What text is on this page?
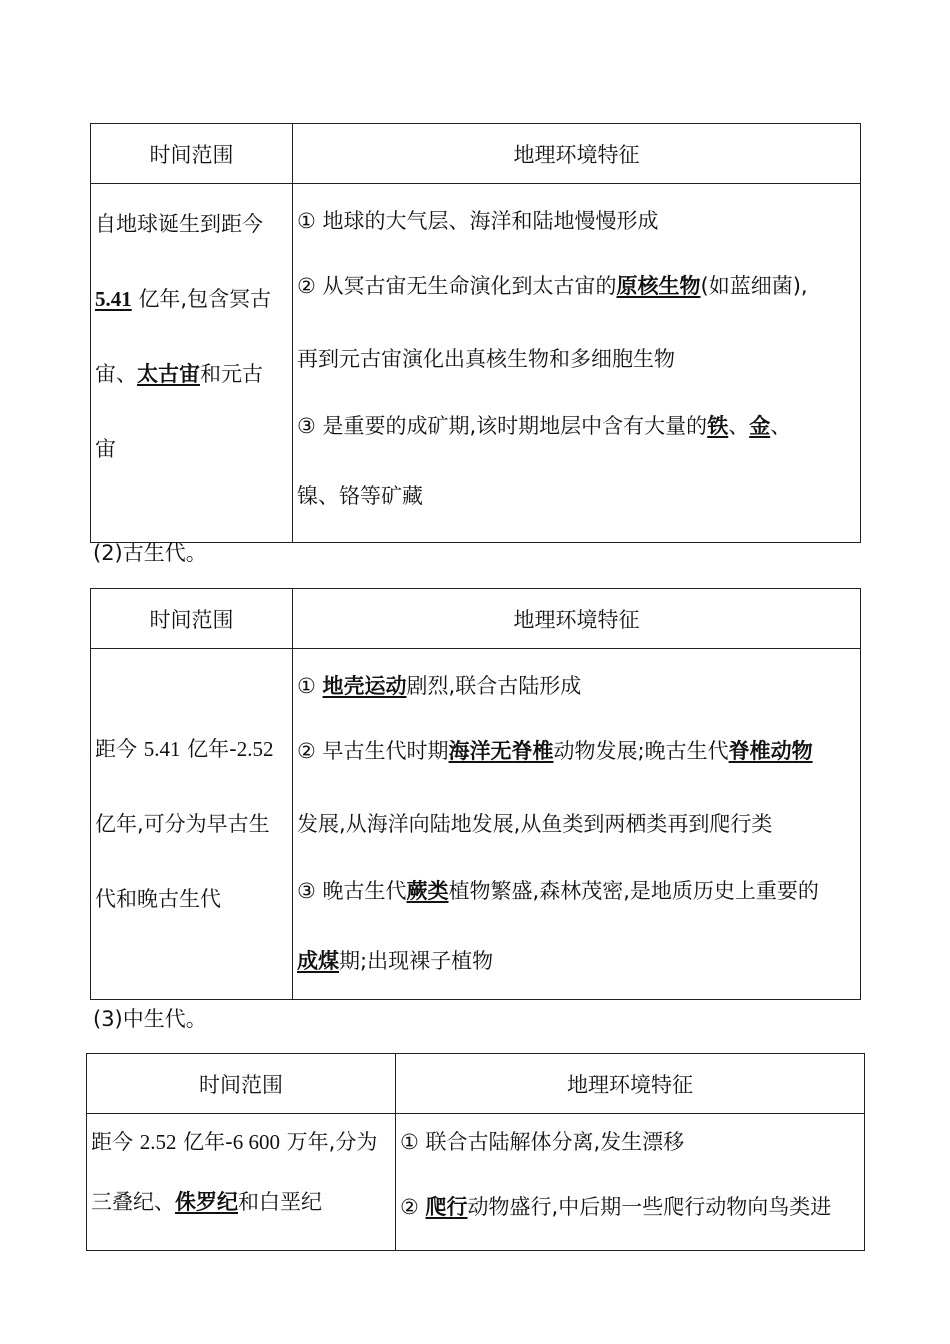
时间范围	地理环境特征

自地球诞生到距今
5.41 亿年,包含冥古
宙、太古宙和元古
宙	① 地球的大气层、海洋和陆地慢慢形成
② 从冥古宙无生命演化到太古宙的原核生物(如蓝细菌),
再到元古宙演化出真核生物和多细胞生物
③ 是重要的成矿期,该时期地层中含有大量的铁、金、
镍、铬等矿藏
(2)古生代。
时间范围	地理环境特征

距今 5.41 亿年-2.52
亿年,可分为早古生
代和晚古生代	① 地壳运动剧烈,联合古陆形成
② 早古生代时期海洋无脊椎动物发展;晚古生代脊椎动物
发展,从海洋向陆地发展,从鱼类到两栖类再到爬行类
③ 晚古生代蕨类植物繁盛,森林茂密,是地质历史上重要的
成煤期;出现裸子植物
(3)中生代。
时间范围	地理环境特征

距今 2.52 亿年-6 600 万年,分为
三叠纪、侏罗纪和白垩纪	① 联合古陆解体分离,发生漂移
② 爬行动物盛行,中后期一些爬行动物向鸟类进
